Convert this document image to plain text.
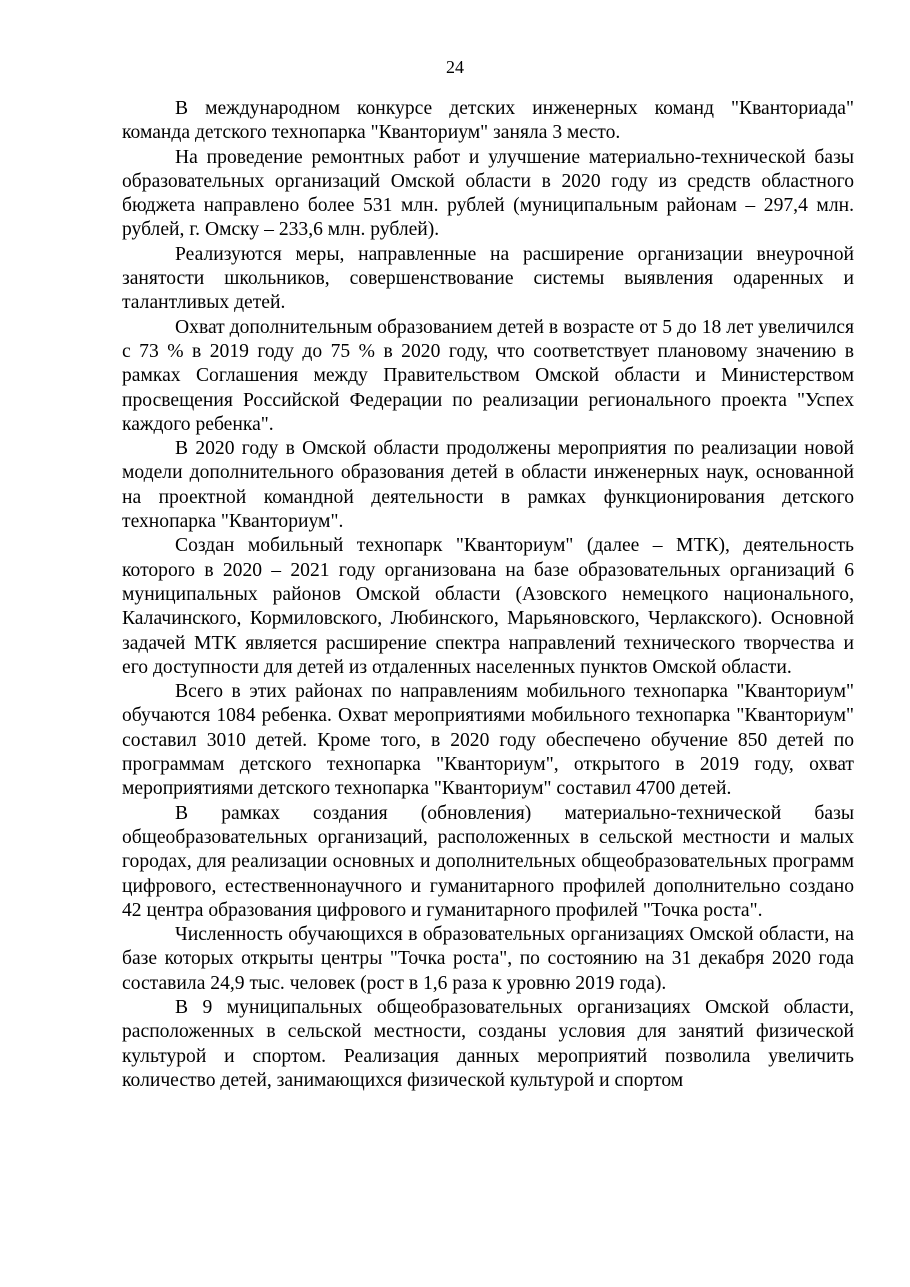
24

В международном конкурсе детских инженерных команд "Кванториада" команда детского технопарка "Кванториум" заняла 3 место.

На проведение ремонтных работ и улучшение материально-технической базы образовательных организаций Омской области в 2020 году из средств областного бюджета направлено более 531 млн. рублей (муниципальным районам – 297,4 млн. рублей, г. Омску – 233,6 млн. рублей).

Реализуются меры, направленные на расширение организации внеурочной занятости школьников, совершенствование системы выявления одаренных и талантливых детей.

Охват дополнительным образованием детей в возрасте от 5 до 18 лет увеличился с 73 % в 2019 году до 75 % в 2020 году, что соответствует плановому значению в рамках Соглашения между Правительством Омской области и Министерством просвещения Российской Федерации по реализации регионального проекта "Успех каждого ребенка".

В 2020 году в Омской области продолжены мероприятия по реализации новой модели дополнительного образования детей в области инженерных наук, основанной на проектной командной деятельности в рамках функционирования детского технопарка "Кванториум".

Создан мобильный технопарк "Кванториум" (далее – МТК), деятельность которого в 2020 – 2021 году организована на базе образовательных организаций 6 муниципальных районов Омской области (Азовского немецкого национального, Калачинского, Кормиловского, Любинского, Марьяновского, Черлакского). Основной задачей МТК является расширение спектра направлений технического творчества и его доступности для детей из отдаленных населенных пунктов Омской области.

Всего в этих районах по направлениям мобильного технопарка "Кванториум" обучаются 1084 ребенка. Охват мероприятиями мобильного технопарка "Кванториум" составил 3010 детей. Кроме того, в 2020 году обеспечено обучение 850 детей по программам детского технопарка "Кванториум", открытого в 2019 году, охват мероприятиями детского технопарка "Кванториум" составил 4700 детей.

В рамках создания (обновления) материально-технической базы общеобразовательных организаций, расположенных в сельской местности и малых городах, для реализации основных и дополнительных общеобразовательных программ цифрового, естественнонаучного и гуманитарного профилей дополнительно создано 42 центра образования цифрового и гуманитарного профилей "Точка роста".

Численность обучающихся в образовательных организациях Омской области, на базе которых открыты центры "Точка роста", по состоянию на 31 декабря 2020 года составила 24,9 тыс. человек (рост в 1,6 раза к уровню 2019 года).

В 9 муниципальных общеобразовательных организациях Омской области, расположенных в сельской местности, созданы условия для занятий физической культурой и спортом. Реализация данных мероприятий позволила увеличить количество детей, занимающихся физической культурой и спортом
